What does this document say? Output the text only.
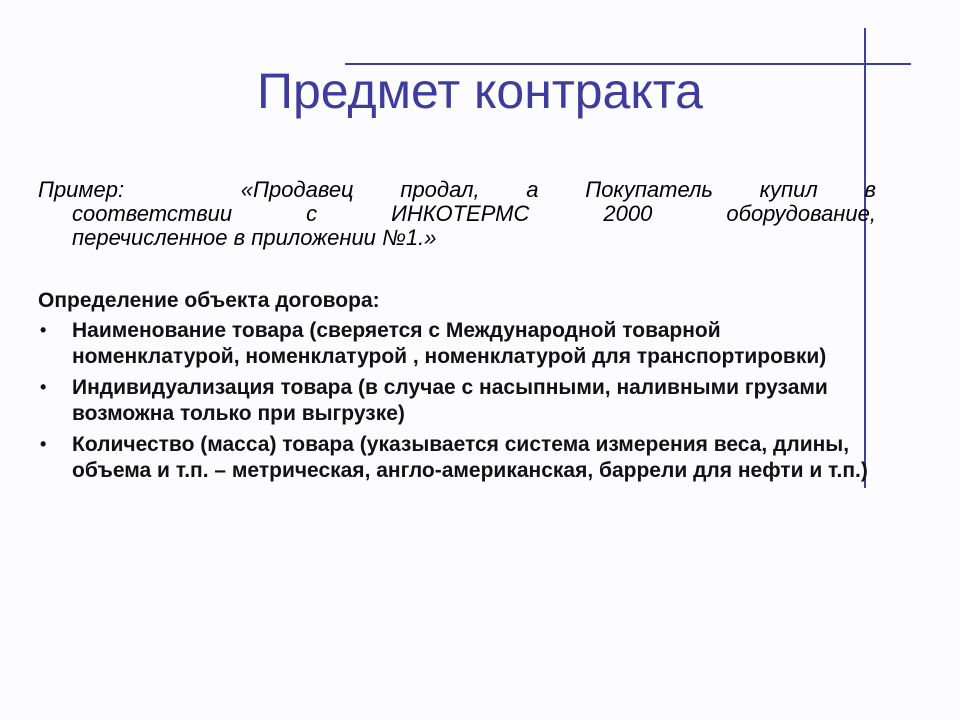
Предмет контракта
Пример:	«Продавец продал, а Покупатель купил в
соответствии	с	ИНКОТЕРМС	2000	оборудование,
перечисленное в приложении №1.»
Определение объекта договора:
• Наименование товара (сверяется с Международной товарной номенклатурой, номенклатурой , номенклатурой для транспортировки)
• Индивидуализация товара (в случае с насыпными, наливными грузами возможна только при выгрузке)
• Количество (масса) товара (указывается система измерения веса, длины, объема и т.п. – метрическая, англо-американская, баррели для нефти и т.п.)
